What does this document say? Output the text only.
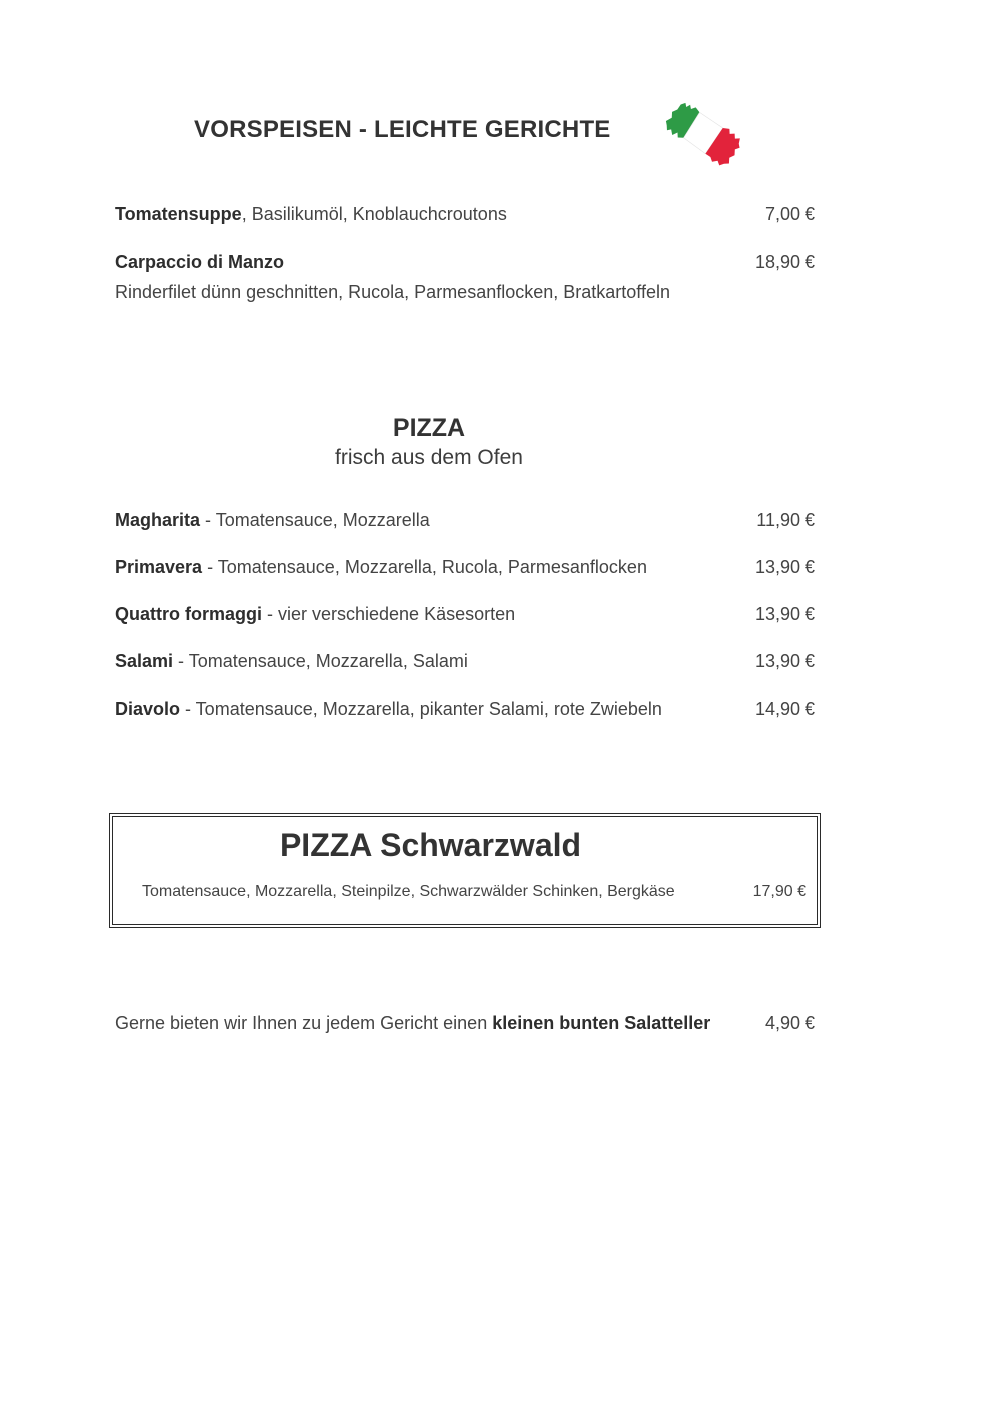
VORSPEISEN - LEICHTE GERICHTE
Tomatensuppe, Basilikumöl, Knoblauchcroutons	7,00 €
Carpaccio di Manzo	18,90 €
Rinderfilet dünn geschnitten, Rucola, Parmesanflocken, Bratkartoffeln
PIZZA
frisch aus dem Ofen
Magharita - Tomatensauce, Mozzarella	11,90 €
Primavera - Tomatensauce, Mozzarella, Rucola, Parmesanflocken	13,90 €
Quattro formaggi - vier verschiedene Käsesorten	13,90 €
Salami - Tomatensauce, Mozzarella, Salami	13,90 €
Diavolo - Tomatensauce, Mozzarella, pikanter Salami, rote Zwiebeln	14,90 €
PIZZA Schwarzwald
Tomatensauce, Mozzarella, Steinpilze, Schwarzwälder Schinken, Bergkäse	17,90 €
Gerne bieten wir Ihnen zu jedem Gericht einen kleinen bunten Salatteller	4,90 €
